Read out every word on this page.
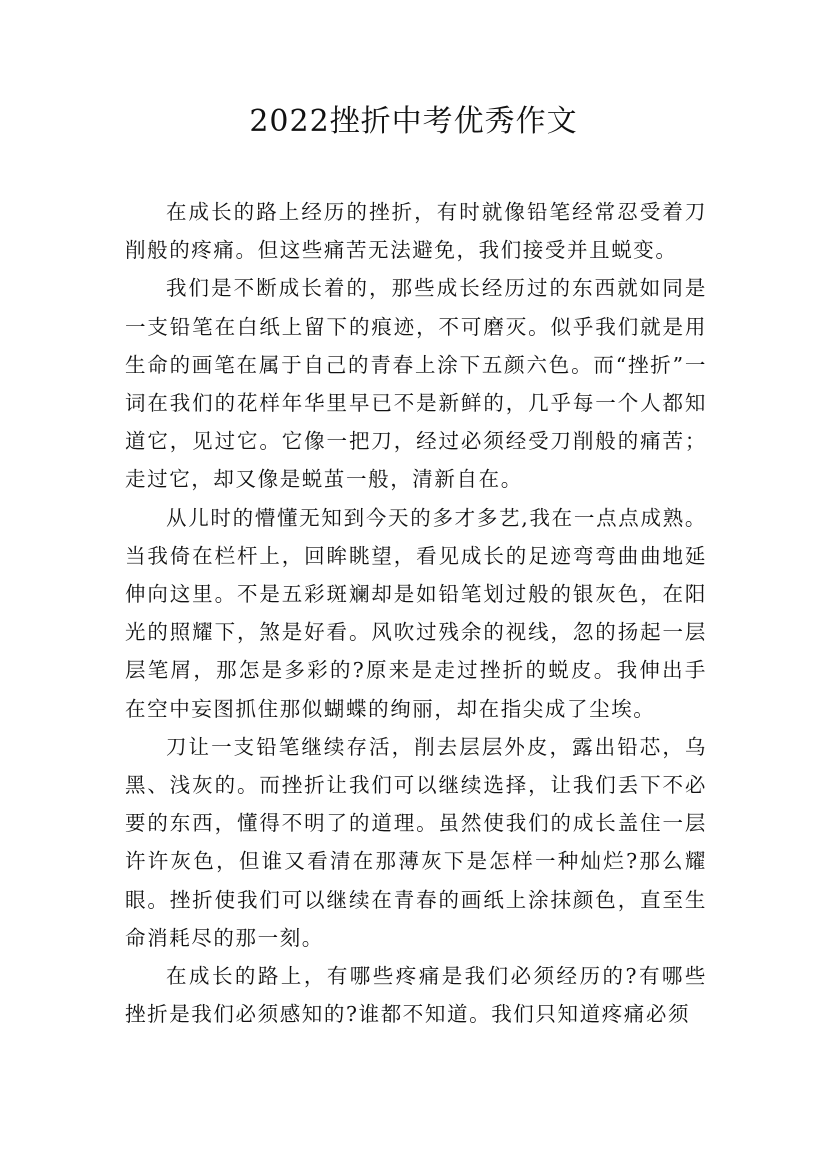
2022挫折中考优秀作文

在成长的路上经历的挫折，有时就像铅笔经常忍受着刀削般的疼痛。但这些痛苦无法避免，我们接受并且蜕变。

我们是不断成长着的，那些成长经历过的东西就如同是一支铅笔在白纸上留下的痕迹，不可磨灭。似乎我们就是用生命的画笔在属于自己的青春上涂下五颜六色。而“挫折”一词在我们的花样年华里早已不是新鲜的，几乎每一个人都知道它，见过它。它像一把刀，经过必须经受刀削般的痛苦；走过它，却又像是蜕茧一般，清新自在。

从儿时的懵懂无知到今天的多才多艺,我在一点点成熟。当我倚在栏杆上，回眸眺望，看见成长的足迹弯弯曲曲地延伸向这里。不是五彩斑斓却是如铅笔划过般的银灰色，在阳光的照耀下，煞是好看。风吹过残余的视线，忽的扬起一层层笔屑，那怎是多彩的?原来是走过挫折的蜕皮。我伸出手在空中妄图抓住那似蝴蝶的绚丽，却在指尖成了尘埃。

刀让一支铅笔继续存活，削去层层外皮，露出铅芯，乌黑、浅灰的。而挫折让我们可以继续选择，让我们丢下不必要的东西，懂得不明了的道理。虽然使我们的成长盖住一层许许灰色，但谁又看清在那薄灰下是怎样一种灿烂?那么耀眼。挫折使我们可以继续在青春的画纸上涂抹颜色，直至生命消耗尽的那一刻。

在成长的路上，有哪些疼痛是我们必须经历的?有哪些挫折是我们必须感知的?谁都不知道。我们只知道疼痛必须
